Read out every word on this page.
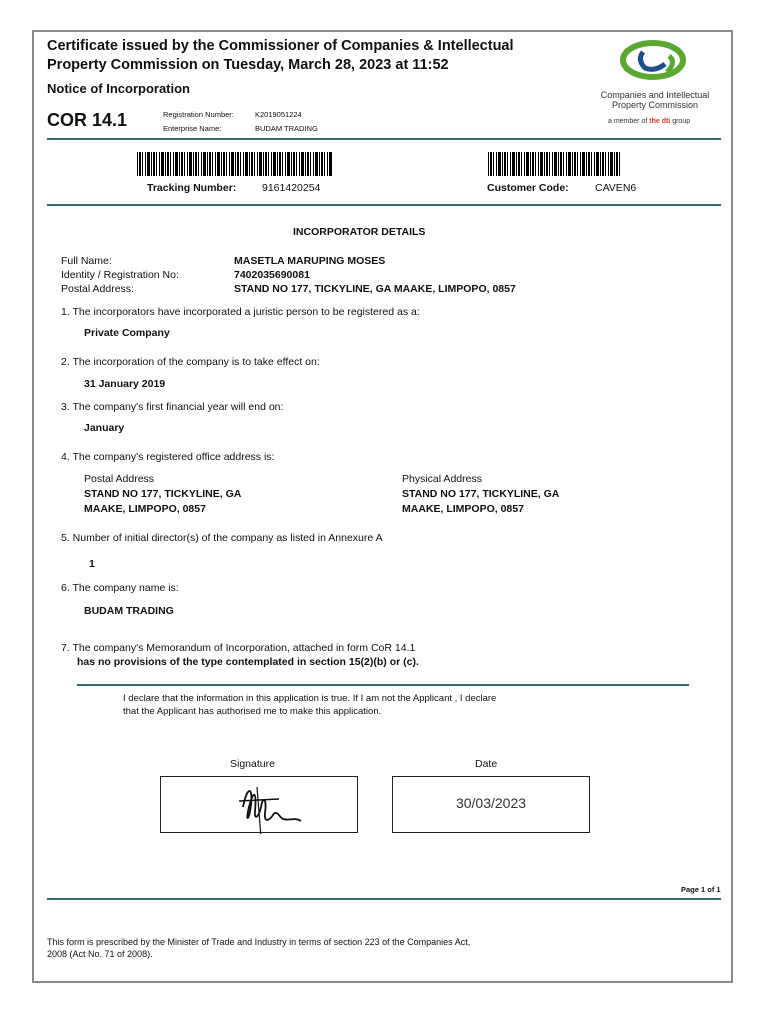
Certificate issued by the Commissioner of Companies & Intellectual
Property Commission on Tuesday, March 28, 2023 at 11:52
Notice of Incorporation
COR 14.1	Registration Number:	K2019051224
Enterprise Name:	BUDAM TRADING
Companies and Intellectual
Property Commission
a member of the dti group
Tracking Number: 9161420254	Customer Code:	CAVEN6
INCORPORATOR DETAILS
Full Name:	MASETLA MARUPING MOSES
Identity / Registration No:	7402035690081
Postal Address:	STAND NO 177, TICKYLINE, GA MAAKE, LIMPOPO, 0857
1. The incorporators have incorporated a juristic person to be registered as a:
Private Company
2. The incorporation of the company is to take effect on:
31 January 2019
3. The company's first financial year will end on:
January
4. The company's registered office address is:
Postal Address
STAND NO 177, TICKYLINE, GA
MAAKE, LIMPOPO, 0857
Physical Address
STAND NO 177, TICKYLINE, GA
MAAKE, LIMPOPO, 0857
5. Number of initial director(s) of the company as listed in Annexure A
1
6. The company name is:
BUDAM TRADING
7. The company's Memorandum of Incorporation, attached in form CoR 14.1
has no provisions of the type contemplated in section 15(2)(b) or (c).
I declare that the information in this application is true. If I am not the Applicant , I declare
that the Applicant has authorised me to make this application.
Signature	Date
30/03/2023
Page 1 of 1
This form is prescribed by the Minister of Trade and Industry in terms of section 223 of the Companies Act,
2008 (Act No. 71 of 2008).
